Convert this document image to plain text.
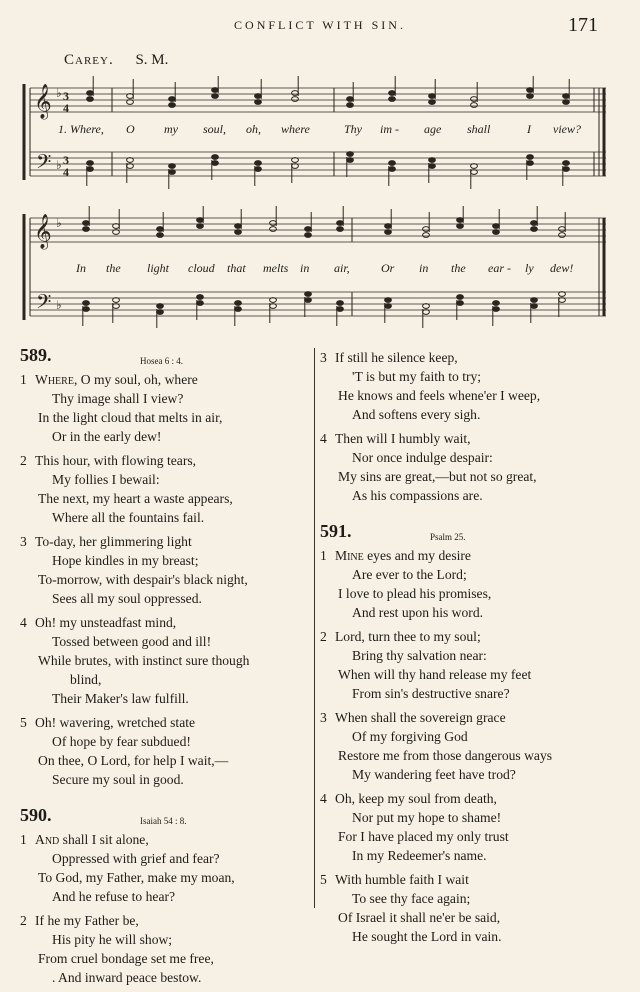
CONFLICT WITH SIN.	171
Carey. S. M.
𝄞
𝄢
♭
♭
3
4
3
4
1. Where, O my soul, oh, where	Thy im - age shall	I view?
𝄞
𝄢
♭
♭
In the light cloud that melts in air,	Or in the ear - ly dew!
589.	Hosea 6 : 4.
1 Where, O my soul, oh, where
Thy image shall I view?
In the light cloud that melts in air,
Or in the early dew!
2 This hour, with flowing tears,
My follies I bewail:
The next, my heart a waste appears,
Where all the fountains fail.
3 To-day, her glimmering light
Hope kindles in my breast;
To-morrow, with despair's black night,
Sees all my soul oppressed.
4 Oh! my unsteadfast mind,
Tossed between good and ill!
While brutes, with instinct sure though
blind,
Their Maker's law fulfill.
5 Oh! wavering, wretched state
Of hope by fear subdued!
On thee, O Lord, for help I wait,—
Secure my soul in good.
590.	Isaiah 54 : 8.
1 And shall I sit alone,
Oppressed with grief and fear?
To God, my Father, make my moan,
And he refuse to hear?
2 If he my Father be,
His pity he will show;
From cruel bondage set me free,
. And inward peace bestow.
3 If still he silence keep,
'T is but my faith to try;
He knows and feels whene'er I weep,
And softens every sigh.
4 Then will I humbly wait,
Nor once indulge despair:
My sins are great,—but not so great,
As his compassions are.
591.	Psalm 25.
1 Mine eyes and my desire
Are ever to the Lord;
I love to plead his promises,
And rest upon his word.
2 Lord, turn thee to my soul;
Bring thy salvation near:
When will thy hand release my feet
From sin's destructive snare?
3 When shall the sovereign grace
Of my forgiving God
Restore me from those dangerous ways
My wandering feet have trod?
4 Oh, keep my soul from death,
Nor put my hope to shame!
For I have placed my only trust
In my Redeemer's name.
5 With humble faith I wait
To see thy face again;
Of Israel it shall ne'er be said,
He sought the Lord in vain.
